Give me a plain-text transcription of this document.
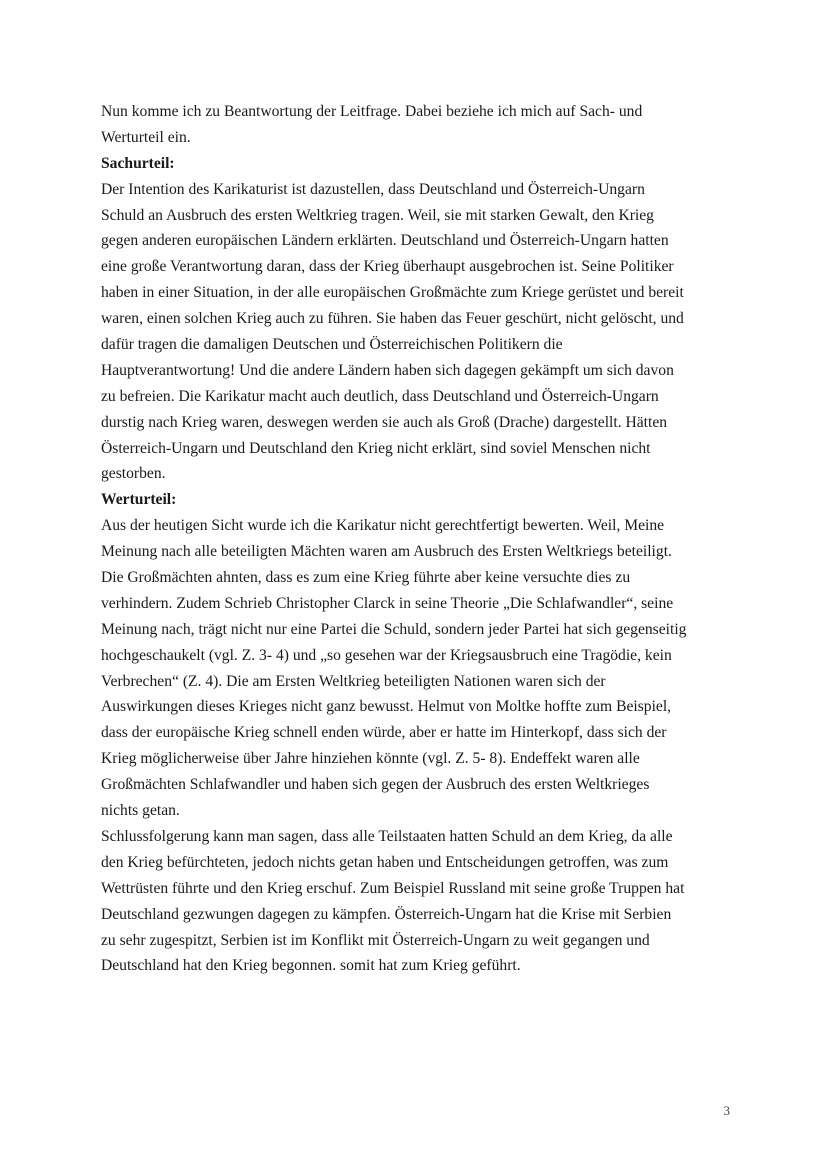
Nun komme ich zu Beantwortung der Leitfrage. Dabei beziehe ich mich auf Sach- und
Werturteil ein.
Sachurteil:
Der Intention des Karikaturist ist dazustellen, dass Deutschland und Österreich-Ungarn
Schuld an Ausbruch des ersten Weltkrieg tragen. Weil, sie mit starken Gewalt, den Krieg
gegen anderen europäischen Ländern erklärten. Deutschland und Österreich-Ungarn hatten
eine große Verantwortung daran, dass der Krieg überhaupt ausgebrochen ist. Seine Politiker
haben in einer Situation, in der alle europäischen Großmächte zum Kriege gerüstet und bereit
waren, einen solchen Krieg auch zu führen. Sie haben das Feuer geschürt, nicht gelöscht, und
dafür tragen die damaligen Deutschen und Österreichischen Politikern die
Hauptverantwortung! Und die andere Ländern haben sich dagegen gekämpft um sich davon
zu befreien. Die Karikatur macht auch deutlich, dass Deutschland und Österreich-Ungarn
durstig nach Krieg waren, deswegen werden sie auch als Groß (Drache) dargestellt. Hätten
Österreich-Ungarn und Deutschland den Krieg nicht erklärt, sind soviel Menschen nicht
gestorben.
Werturteil:
Aus der heutigen Sicht wurde ich die Karikatur nicht gerechtfertigt bewerten. Weil, Meine
Meinung nach alle beteiligten Mächten waren am Ausbruch des Ersten Weltkriegs beteiligt.
Die Großmächten ahnten, dass es zum eine Krieg führte aber keine versuchte dies zu
verhindern. Zudem Schrieb Christopher Clarck in seine Theorie „Die Schlafwandler“, seine
Meinung nach, trägt nicht nur eine Partei die Schuld, sondern jeder Partei hat sich gegenseitig
hochgeschaukelt (vgl. Z. 3- 4) und „so gesehen war der Kriegsausbruch eine Tragödie, kein
Verbrechen“ (Z. 4). Die am Ersten Weltkrieg beteiligten Nationen waren sich der
Auswirkungen dieses Krieges nicht ganz bewusst. Helmut von Moltke hoffte zum Beispiel,
dass der europäische Krieg schnell enden würde, aber er hatte im Hinterkopf, dass sich der
Krieg möglicherweise über Jahre hinziehen könnte (vgl. Z. 5- 8). Endeffekt waren alle
Großmächten Schlafwandler und haben sich gegen der Ausbruch des ersten Weltkrieges
nichts getan.
Schlussfolgerung kann man sagen, dass alle Teilstaaten hatten Schuld an dem Krieg, da alle
den Krieg befürchteten, jedoch nichts getan haben und Entscheidungen getroffen, was zum
Wettrüsten führte und den Krieg erschuf. Zum Beispiel Russland mit seine große Truppen hat
Deutschland gezwungen dagegen zu kämpfen. Österreich-Ungarn hat die Krise mit Serbien
zu sehr zugespitzt, Serbien ist im Konflikt mit Österreich-Ungarn zu weit gegangen und
Deutschland hat den Krieg begonnen. somit hat zum Krieg geführt.
3
